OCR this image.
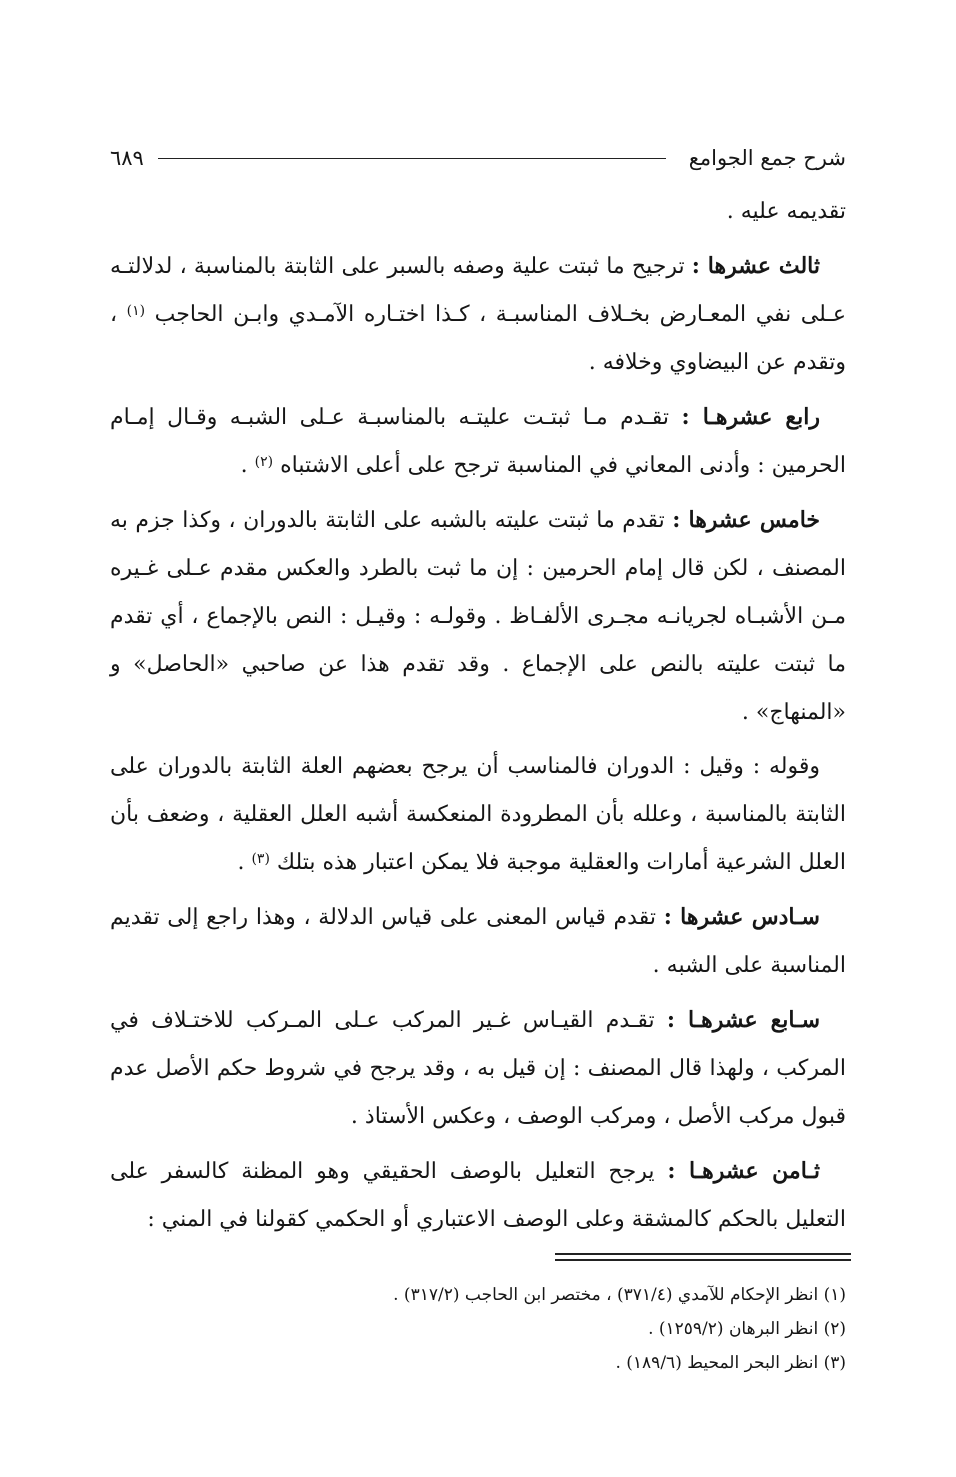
شرح جمع الجوامع
٦٨٩

تقديمه عليه .

ثالث عشرها : ترجيح ما ثبتت علية وصفه بالسبر على الثابتة بالمناسبة ، لدلالتـه عـلى نفي المعـارض بخـلاف المناسبـة ، كـذا اختـاره الآمـدي وابـن الحاجب $^{(١)}$ ، وتقدم عن البيضاوي وخلافه .

رابع عشرهـا : تقـدم مـا ثبتـت عليتـه بالمناسبـة عـلى الشبـه وقـال إمـام الحرمين : وأدنى المعاني في المناسبة ترجح على أعلى الاشتباه $^{(٢)}$ .

خامس عشرها : تقدم ما ثبتت عليته بالشبه على الثابتة بالدوران ، وكذا جزم به المصنف ، لكن قال إمام الحرمين : إن ما ثبت بالطرد والعكس مقدم عـلى غـيره مـن الأشبـاه لجريانـه مجـرى الألفـاظ . وقولـه : وقيـل : النص بالإجماع ، أي تقدم ما ثبتت عليته بالنص على الإجماع . وقد تقدم هذا عن صاحبي «الحاصل» و «المنهاج» .

وقوله : وقيل : الدوران فالمناسب أن يرجح بعضهم العلة الثابتة بالدوران على الثابتة بالمناسبة ، وعلله بأن المطرودة المنعكسة أشبه العلل العقلية ، وضعف بأن العلل الشرعية أمارات والعقلية موجبة فلا يمكن اعتبار هذه بتلك $^{(٣)}$ .

سـادس عشرها : تقدم قياس المعنى على قياس الدلالة ، وهذا راجع إلى تقديم المناسبة على الشبه .

سـابع عشرهـا : تقـدم القيـاس غـير المركب عـلى المـركب للاختـلاف في المركب ، ولهذا قال المصنف : إن قيل به ، وقد يرجح في شروط حكم الأصل عدم قبول مركب الأصل ، ومركب الوصف ، وعكس الأستاذ .

ثـامن عشرهـا : يرجح التعليل بالوصف الحقيقي وهو المظنة كالسفر على التعليل بالحكم كالمشقة وعلى الوصف الاعتباري أو الحكمي كقولنا في المني :

(١) انظر الإحكام للآمدي (٣٧١/٤) ، مختصر ابن الحاجب (٣١٧/٢) .
(٢) انظر البرهان (١٢٥٩/٢) .
(٣) انظر البحر المحيط (١٨٩/٦) .
